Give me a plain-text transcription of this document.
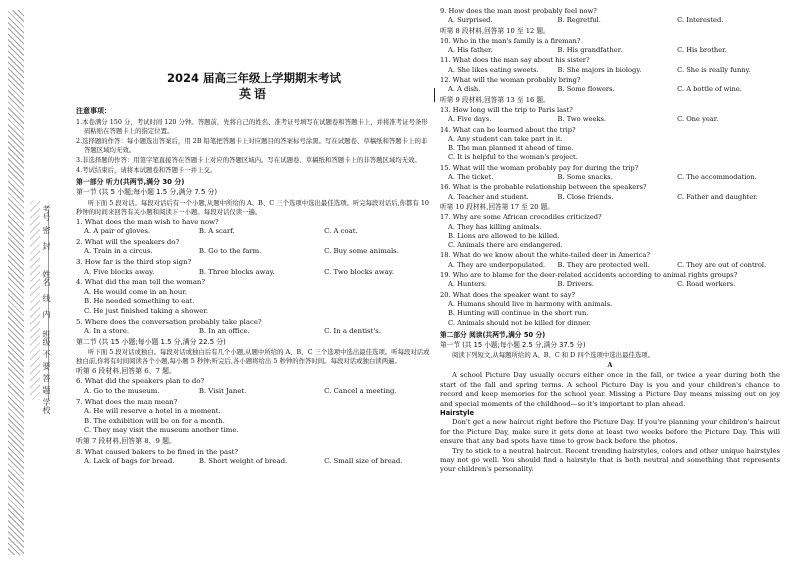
考号
密
封
姓名
线
内
班级
不
要
答
题
学校
2024 届高三年级上学期期末考试
英语
注意事项：
1.本卷满分 150 分，考试时间 120 分钟。答题前，先将自己的姓名、准考证号填写在试题卷和答题卡上，并将准考证号条形码粘贴在答题卡上的指定位置。
2.选择题的作答：每小题选出答案后，用 2B 铅笔把答题卡上对应题目的答案标号涂黑。写在试题卷、草稿纸和答题卡上的非答题区域均无效。
3.非选择题的作答：用签字笔直接答在答题卡上对应的答题区域内。写在试题卷、草稿纸和答题卡上的非答题区域均无效。
4.考试结束后，请将本试题卷和答题卡一并上交。
第一部分 听力(共两节,满分 30 分)
第一节 (共 5 小题;每小题 1.5 分,满分 7.5 分)
听下面 5 段对话。每段对话后有一个小题,从题中所给的 A、B、C 三个选项中选出最佳选项。听完每段对话后,你都有 10 秒钟的时间来回答有关小题和阅读下一小题。每段对话仅读一遍。
1. What does the man wish to have now?
A. A pair of gloves.	B. A scarf.	C. A coat.
2. What will the speakers do?
A. Train in a circus.	B. Go to the farm.	C. Buy some animals.
3. How far is the third stop sign?
A. Five blocks away.	B. Three blocks away.	C. Two blocks away.
4. What did the man tell the woman?
A. He would come in an hour.
B. He needed something to eat.
C. He just finished taking a shower.
5. Where does the conversation probably take place?
A. In a store.	B. In an office.	C. In a dentist's.
第二节 (共 15 小题;每小题 1.5 分,满分 22.5 分)
听下面 5 段对话或独白。每段对话或独白后有几个小题,从题中所给的 A、B、C 三个选项中选出最佳选项。听每段对话或独白前,你将有时间阅读各个小题,每小题 5 秒钟;听完后,各小题将给出 5 秒钟的作答时间。每段对话或独白读两遍。
听第 6 段材料,回答第 6、7 题。
6. What did the speakers plan to do?
A. Go to the museum.	B. Visit Janet.	C. Cancel a meeting.
7. What does the man mean?
A. He will reserve a hotel in a moment.
B. The exhibition will be on for a month.
C. They may visit the museum another time.
听第 7 段材料,回答第 8、9 题。
8. What caused bakers to be fined in the past?
A. Lack of bags for bread.	B. Short weight of bread.	C. Small size of bread.
9. How does the man most probably feel now?
A. Surprised.	B. Regretful.	C. Interested.
听第 8 段材料,回答第 10 至 12 题。
10. Who in the man's family is a fireman?
A. His father.	B. His grandfather.	C. His brother.
11. What does the man say about his sister?
A. She likes eating sweets.	B. She majors in biology.	C. She is really funny.
12. What will the woman probably bring?
A. A dish.	B. Some flowers.	C. A bottle of wine.
听第 9 段材料,回答第 13 至 16 题。
13. How long will the trip to Paris last?
A. Five days.	B. Two weeks.	C. One year.
14. What can be learned about the trip?
A. Any student can take part in it.
B. The man planned it ahead of time.
C. It is helpful to the woman's project.
15. What will the woman probably pay for during the trip?
A. The ticket.	B. Some snacks.	C. The accommodation.
16. What is the probable relationship between the speakers?
A. Teacher and student.	B. Close friends.	C. Father and daughter.
听第 10 段材料,回答第 17 至 20 题。
17. Why are some African crocodiles criticized?
A. They has killing animals.
B. Lions are allowed to be killed.
C. Animals there are endangered.
18. What do we know about the white-tailed deer in America?
A. They are underpopulated.	B. They are protected well.	C. They are out of control.
19. Who are to blame for the deer-related accidents according to animal rights groups?
A. Hunters.	B. Drivers.	C. Road workers.
20. What does the speaker want to say?
A. Humans should live in harmony with animals.
B. Hunting will continue in the short run.
C. Animals should not be killed for dinner.
第二部分 阅读(共两节,满分 50 分)
第一节 (共 15 小题;每小题 2.5 分,满分 37.5 分)
阅读下列短文,从每题所给的 A、B、C 和 D 四个选项中选出最佳选项。
A
A school Picture Day usually occurs either once in the fall, or twice a year during both the start of the fall and spring terms. A school Picture Day is you and your children's chance to record and keep memories for the school year. Missing a Picture Day means missing out on joy and special moments of the childhood—so it's important to plan ahead.
Hairstyle
Don't get a new haircut right before the Picture Day. If you're planning your children's haircut for the Picture Day, make sure it gets done at least two weeks before the Picture Day. This will ensure that any bad spots have time to grow back before the photos.
Try to stick to a neutral haircut. Recent trending hairstyles, colors and other unique hairstyles may not go well. You should find a hairstyle that is both neutral and something that represents your children's personality.
